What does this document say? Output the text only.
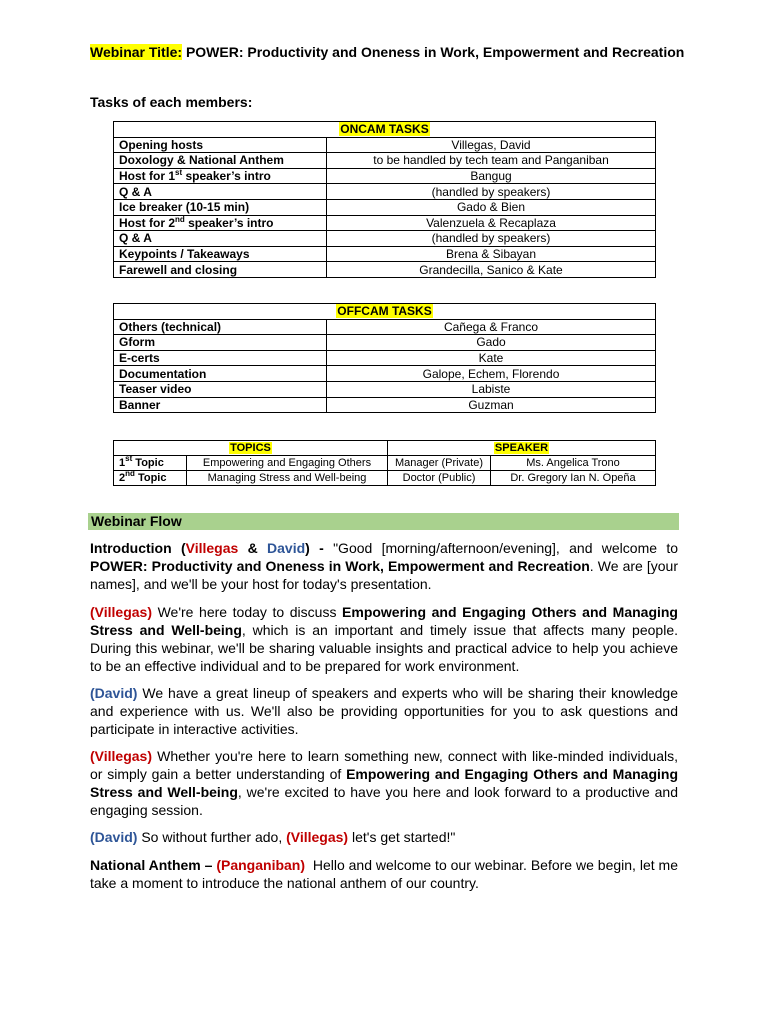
Webinar Title: POWER: Productivity and Oneness in Work, Empowerment and Recreation
Tasks of each members:
ONCAM TASKS	
Opening hosts	Villegas, David
Doxology & National Anthem	to be handled by tech team and Panganiban
Host for 1st speaker’s intro	Bangug
Q & A	(handled by speakers)
Ice breaker (10-15 min)	Gado & Bien
Host for 2nd speaker’s intro	Valenzuela & Recaplaza
Q & A	(handled by speakers)
Keypoints / Takeaways	Brena & Sibayan
Farewell and closing	Grandecilla, Sanico & Kate
OFFCAM TASKS	
Others (technical)	Cañega & Franco
Gform	Gado
E-certs	Kate
Documentation	Galope, Echem, Florendo
Teaser video	Labiste
Banner	Guzman
TOPICS		SPEAKER	
1st Topic	Empowering and Engaging Others	Manager (Private)	Ms. Angelica Trono
2nd Topic	Managing Stress and Well-being	Doctor (Public)	Dr. Gregory Ian N. Opeña
Webinar Flow

Introduction (Villegas & David) - "Good [morning/afternoon/evening], and welcome to POWER: Productivity and Oneness in Work, Empowerment and Recreation. We are [your names], and we'll be your host for today's presentation.

(Villegas) We're here today to discuss Empowering and Engaging Others and Managing Stress and Well-being, which is an important and timely issue that affects many people. During this webinar, we'll be sharing valuable insights and practical advice to help you achieve to be an effective individual and to be prepared for work environment.

(David) We have a great lineup of speakers and experts who will be sharing their knowledge and experience with us. We'll also be providing opportunities for you to ask questions and participate in interactive activities.

(Villegas) Whether you're here to learn something new, connect with like-minded individuals, or simply gain a better understanding of Empowering and Engaging Others and Managing Stress and Well-being, we're excited to have you here and look forward to a productive and engaging session.

(David) So without further ado, (Villegas) let's get started!"

National Anthem – (Panganiban)  Hello and welcome to our webinar. Before we begin, let me take a moment to introduce the national anthem of our country.
